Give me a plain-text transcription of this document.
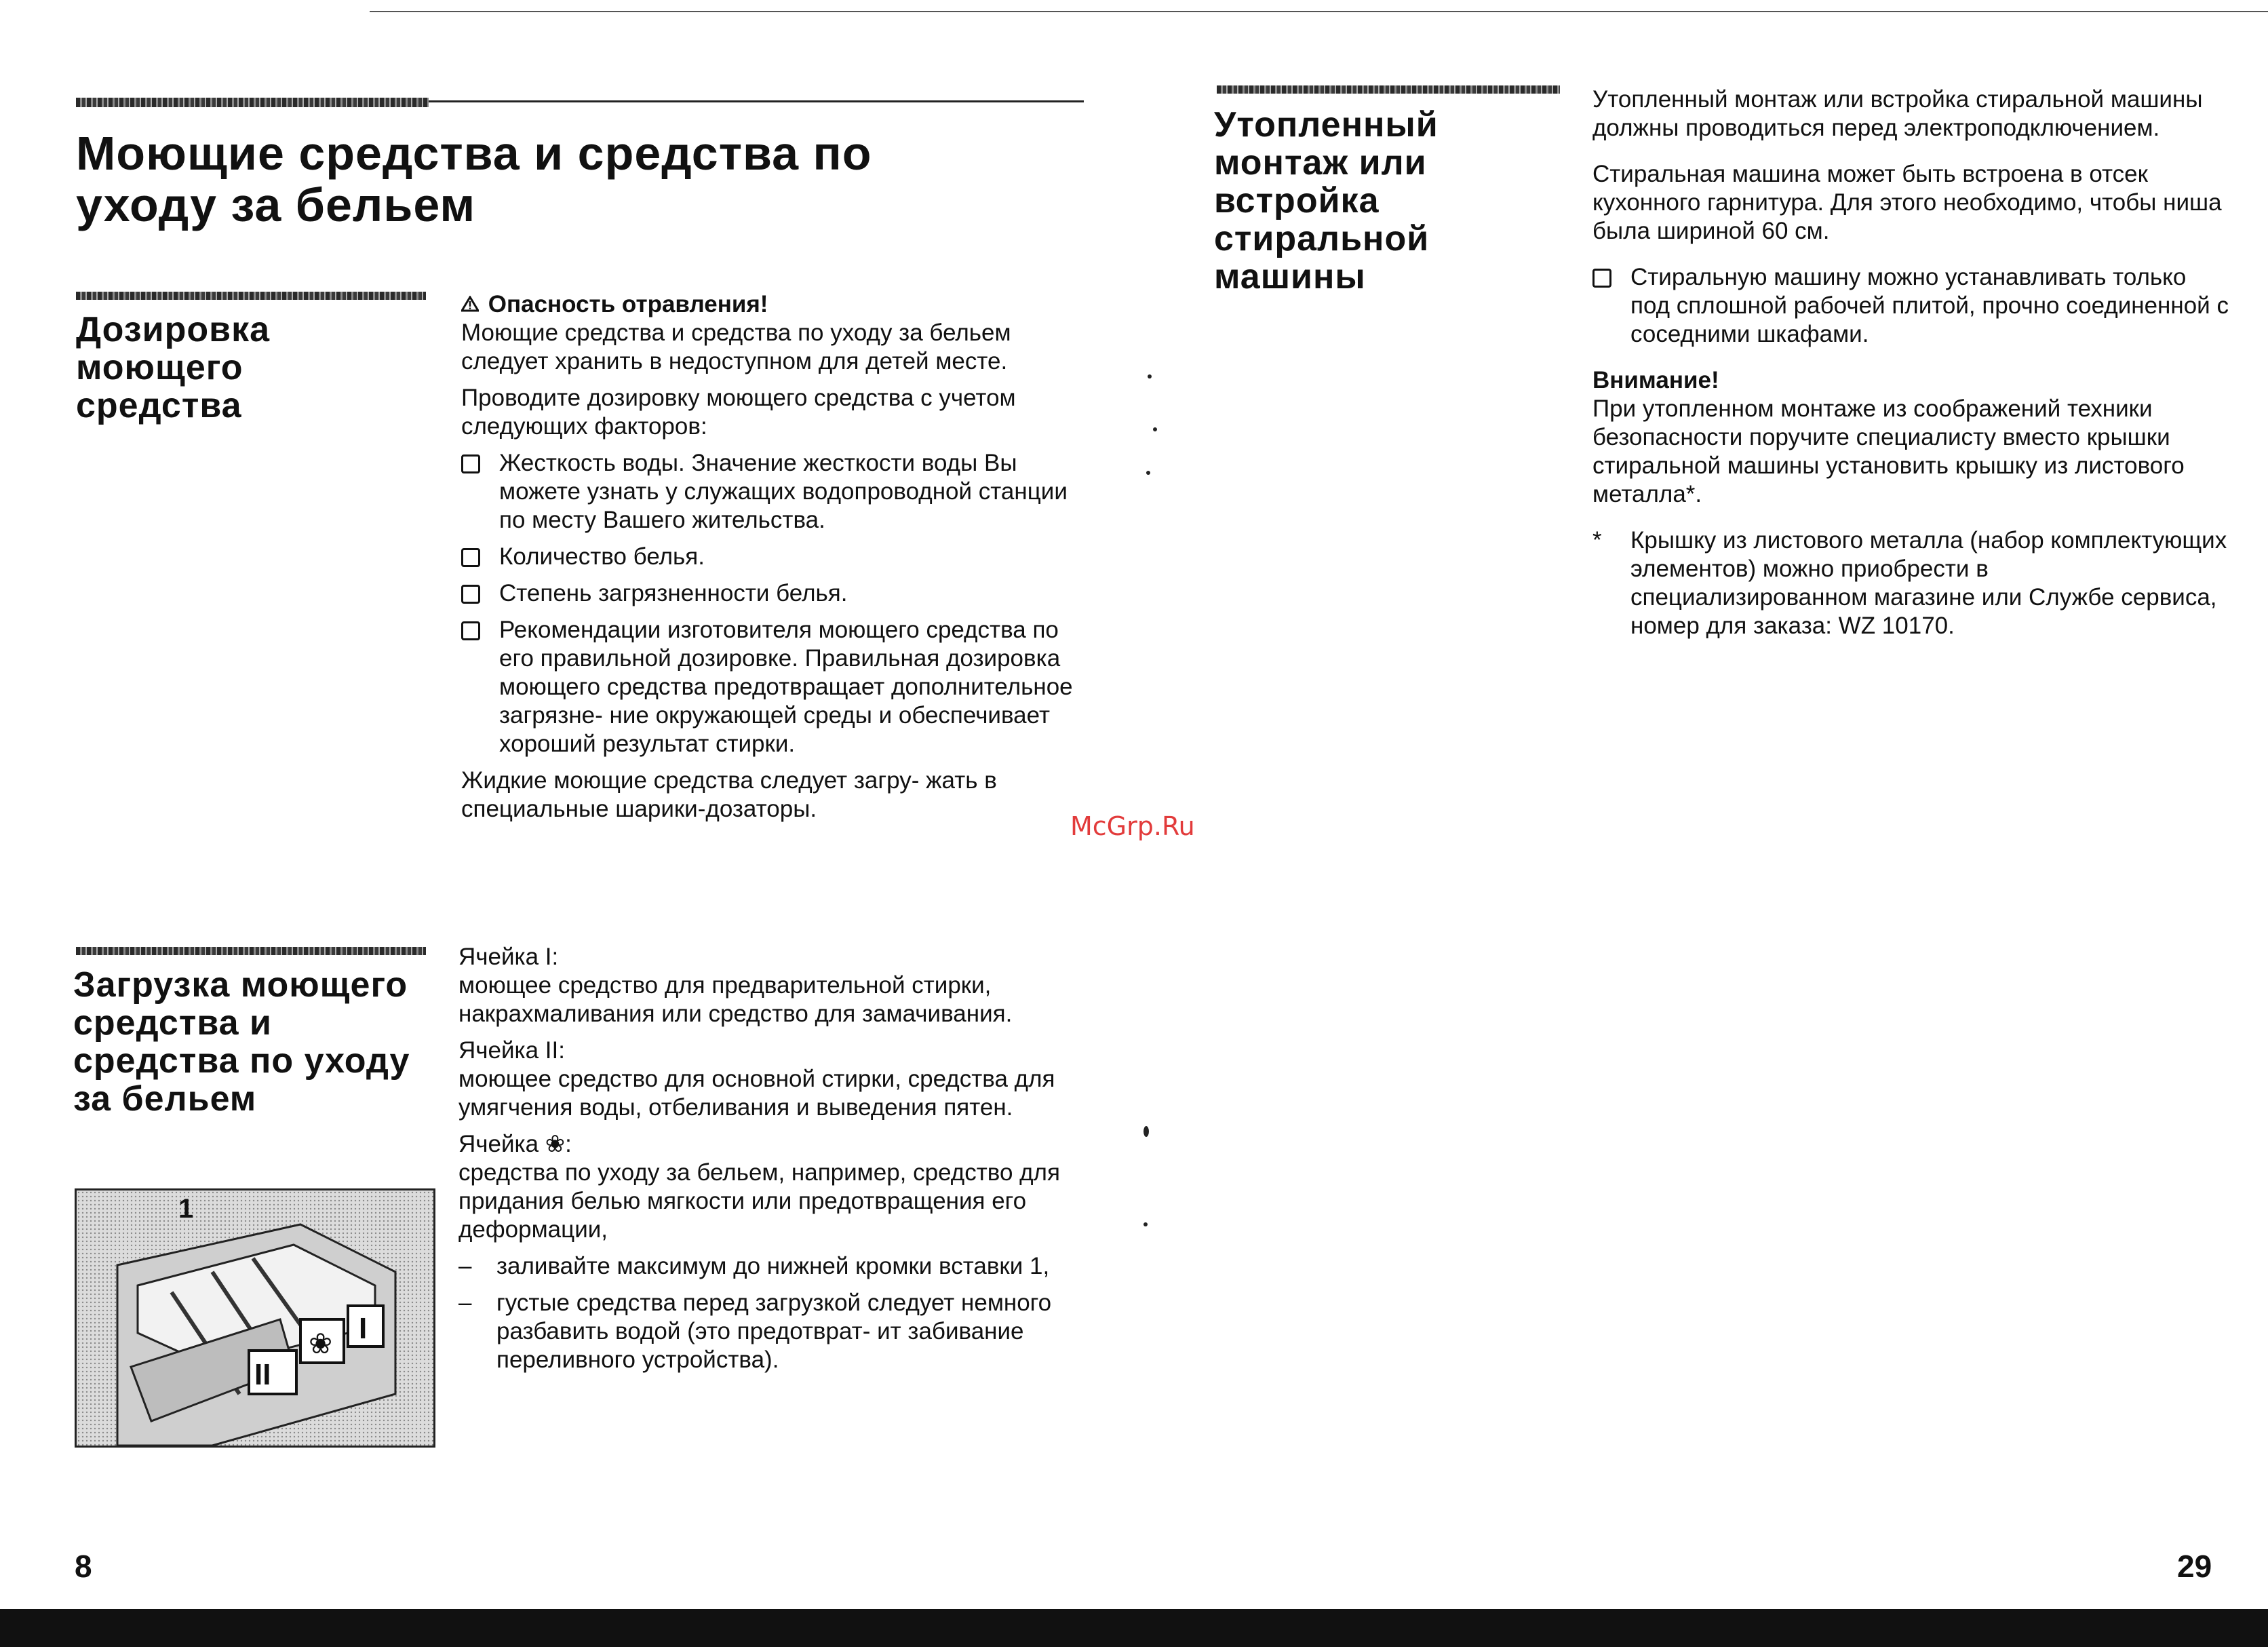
Моющие средства и средства по уходу за бельем
Дозировка моющего средства
Опасность отравления!

Моющие средства и средства по уходу за бельем следует хранить в недоступном для детей месте.

Проводите дозировку моющего средства с учетом следующих факторов:

Жесткость воды. Значение жесткости воды Вы можете узнать у служащих водопроводной станции по месту Вашего жительства.
Количество белья.
Степень загрязненности белья.
Рекомендации изготовителя моющего средства по его правильной дозировке. Правильная дозировка моющего средства предотвращает дополнительное загрязне- ние окружающей среды и обеспечивает хороший результат стирки.

Жидкие моющие средства следует загру- жать в специальные шарики-дозаторы.

Загрузка моющего средства и средства по уходу за бельем
1
I
❀
II
Ячейка I:

моющее средство для предварительной стирки, накрахмаливания или средство для замачивания.

Ячейка II:

моющее средство для основной стирки, средства для умягчения воды, отбеливания и выведения пятен.

Ячейка ❀:

средства по уходу за бельем, например, средство для придания белью мягкости или предотвращения его деформации,

–	заливайте максимум до нижней кромки вставки 1,
–	густые средства перед загрузкой следует немного разбавить водой (это предотврат- ит забивание переливного устройства).
8
McGrp.Ru
Утопленный монтаж или встройка стиральной машины

Утопленный монтаж или встройка стиральной машины должны проводиться перед электроподключением.

Стиральная машина может быть встроена в отсек кухонного гарнитура. Для этого необходимо, чтобы ниша была шириной 60 см.

Стиральную машину можно устанавливать только под сплошной рабочей плитой, прочно соединенной с соседними шкафами.
Внимание!

При утопленном монтаже из соображений техники безопасности поручите специалисту вместо крышки стиральной машины установить крышку из листового металла*.

*	Крышку из листового металла (набор комплектующих элементов) можно приобрести в специализированном магазине или Службе сервиса, номер для заказа: WZ 10170.
29
